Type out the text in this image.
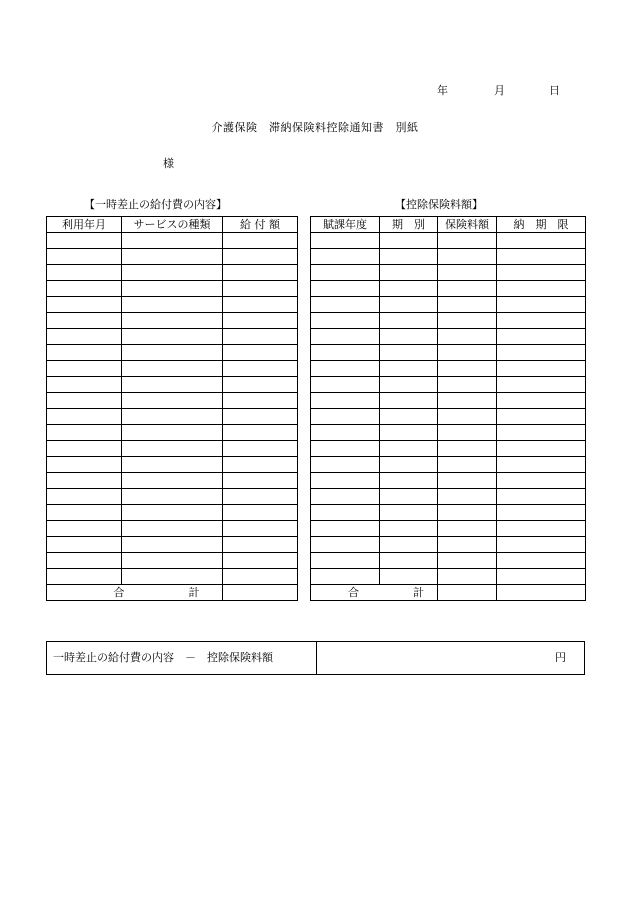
年	月	日
介護保険　滞納保険料控除通知書　別紙
様
【一時差止の給付費の内容】	【控除保険料額】
利用年月	サービスの種類	給 付 額

合 計		
賦課年度	期　別	保険料額	納　期　限

合 計			
一時差止の給付費の内容　－　控除保険料額	円
